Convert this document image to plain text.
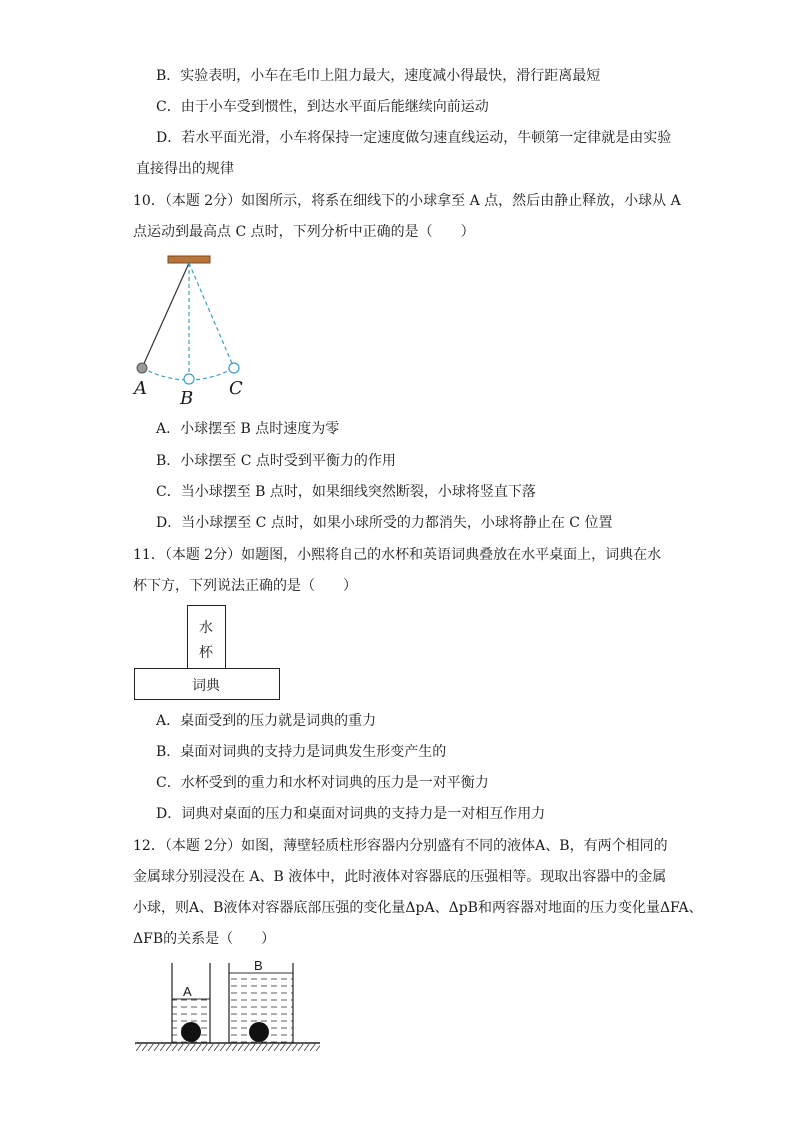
B．实验表明，小车在毛巾上阻力最大，速度减小得最快，滑行距离最短
C．由于小车受到惯性，到达水平面后能继续向前运动
D．若水平面光滑，小车将保持一定速度做匀速直线运动，牛顿第一定律就是由实验
直接得出的规律
10．（本题 2分）如图所示，将系在细线下的小球拿至 A 点，然后由静止释放，小球从 A
点运动到最高点 C 点时，下列分析中正确的是（　　）
A B C
A．小球摆至 B 点时速度为零
B．小球摆至 C 点时受到平衡力的作用
C．当小球摆至 B 点时，如果细线突然断裂，小球将竖直下落
D．当小球摆至 C 点时，如果小球所受的力都消失，小球将静止在 C 位置
11．（本题 2分）如题图，小熙将自己的水杯和英语词典叠放在水平桌面上，词典在水
杯下方，下列说法正确的是（　　）
水
杯
词典
A．桌面受到的压力就是词典的重力
B．桌面对词典的支持力是词典发生形变产生的
C．水杯受到的重力和水杯对词典的压力是一对平衡力
D．词典对桌面的压力和桌面对词典的支持力是一对相互作用力
12．（本题 2分）如图，薄壁轻质柱形容器内分别盛有不同的液体A、B，有两个相同的
金属球分别浸没在 A、B 液体中，此时液体对容器底的压强相等。现取出容器中的金属
小球，则A、B液体对容器底部压强的变化量ΔpA、ΔpB和两容器对地面的压力变化量ΔFA、
ΔFB的关系是（　　）
A
B
